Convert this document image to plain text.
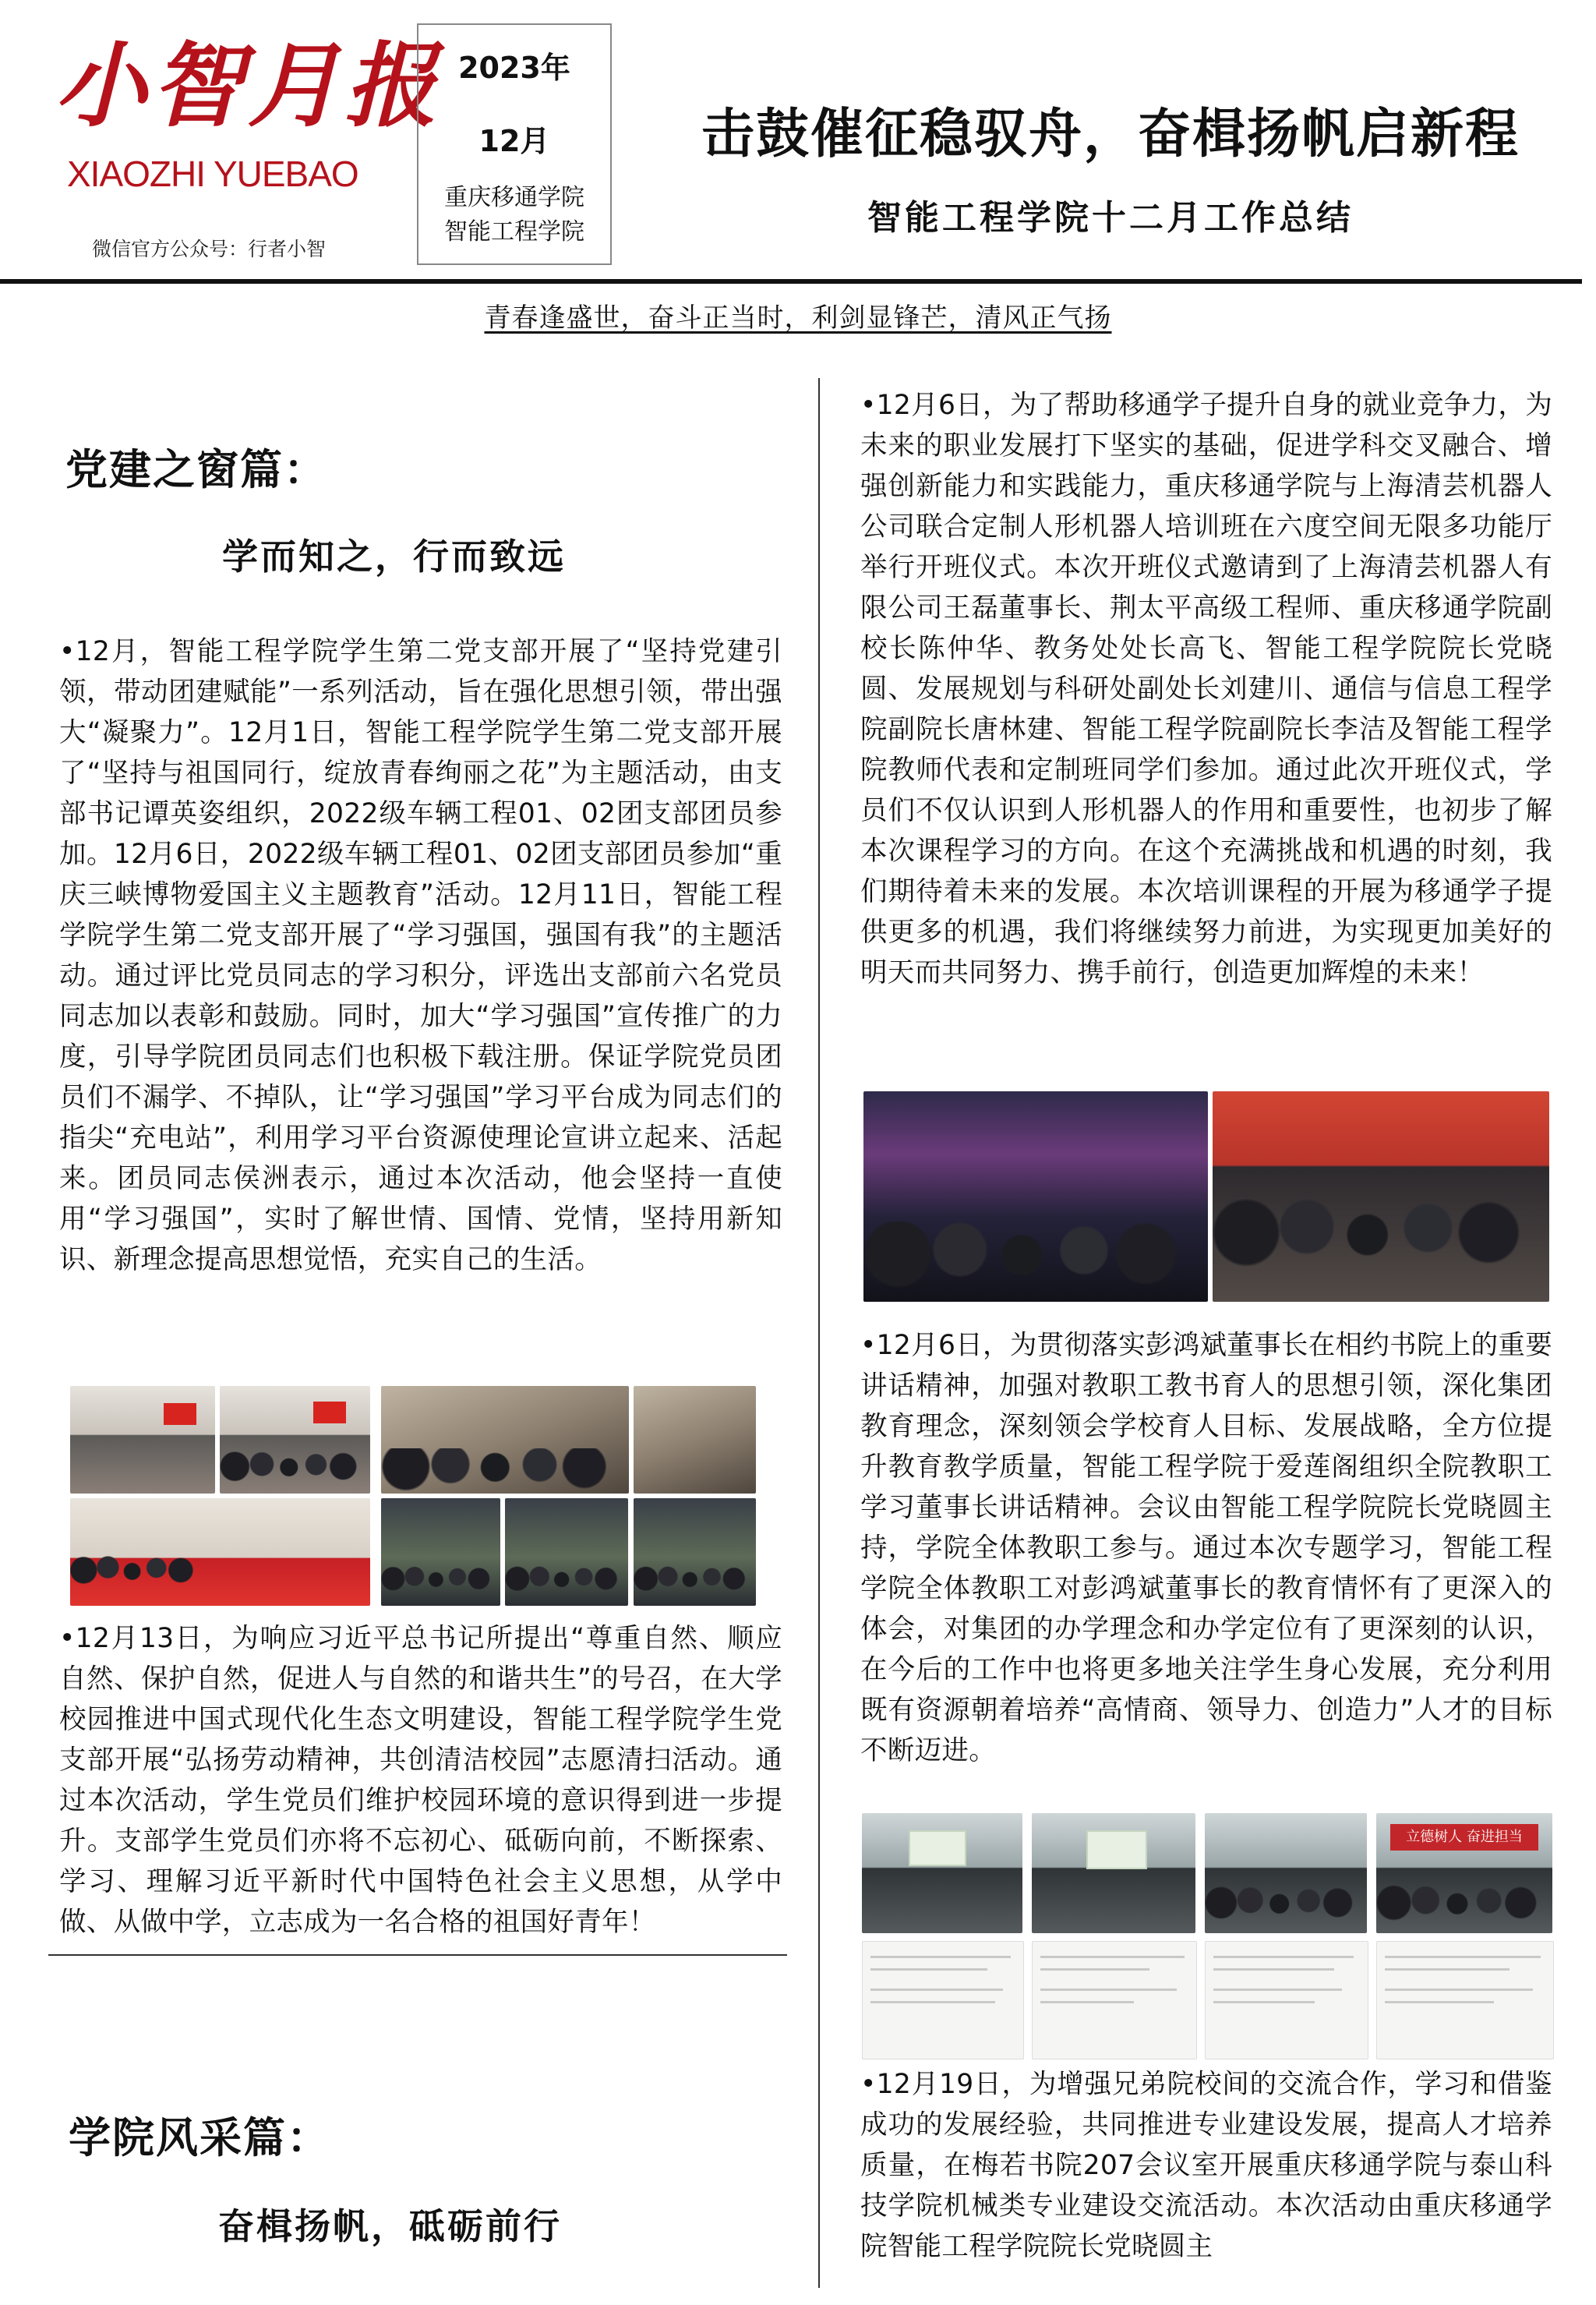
小智月报
XIAOZHI YUEBAO
微信官方公众号：行者小智
2023年
12月
重庆移通学院
智能工程学院
击鼓催征稳驭舟，奋楫扬帆启新程
智能工程学院十二月工作总结
青春逢盛世，奋斗正当时，利剑显锋芒，清风正气扬
党建之窗篇：
学而知之，行而致远
•12月，智能工程学院学生第二党支部开展了“坚持党建引领，带动团建赋能”一系列活动，旨在强化思想引领，带出强大“凝聚力”。12月1日，智能工程学院学生第二党支部开展了“坚持与祖国同行，绽放青春绚丽之花”为主题活动，由支部书记谭英姿组织，2022级车辆工程01、02团支部团员参加。12月6日，2022级车辆工程01、02团支部团员参加“重庆三峡博物爱国主义主题教育”活动。12月11日，智能工程学院学生第二党支部开展了“学习强国，强国有我”的主题活动。通过评比党员同志的学习积分，评选出支部前六名党员同志加以表彰和鼓励。同时，加大“学习强国”宣传推广的力度，引导学院团员同志们也积极下载注册。保证学院党员团员们不漏学、不掉队，让“学习强国”学习平台成为同志们的指尖“充电站”，利用学习平台资源使理论宣讲立起来、活起来。团员同志侯洲表示，通过本次活动，他会坚持一直使用“学习强国”，实时了解世情、国情、党情，坚持用新知识、新理念提高思想觉悟，充实自己的生活。
•12月13日，为响应习近平总书记所提出“尊重自然、顺应自然、保护自然，促进人与自然的和谐共生”的号召，在大学校园推进中国式现代化生态文明建设，智能工程学院学生党支部开展“弘扬劳动精神，共创清洁校园”志愿清扫活动。通过本次活动，学生党员们维护校园环境的意识得到进一步提升。支部学生党员们亦将不忘初心、砥砺向前，不断探索、学习、理解习近平新时代中国特色社会主义思想，从学中做、从做中学，立志成为一名合格的祖国好青年！
学院风采篇：
奋楫扬帆，砥砺前行
•12月6日，为了帮助移通学子提升自身的就业竞争力，为未来的职业发展打下坚实的基础，促进学科交叉融合、增强创新能力和实践能力，重庆移通学院与上海清芸机器人公司联合定制人形机器人培训班在六度空间无限多功能厅举行开班仪式。本次开班仪式邀请到了上海清芸机器人有限公司王磊董事长、荆太平高级工程师、重庆移通学院副校长陈仲华、教务处处长高飞、智能工程学院院长党晓圆、发展规划与科研处副处长刘建川、通信与信息工程学院副院长唐林建、智能工程学院副院长李洁及智能工程学院教师代表和定制班同学们参加。通过此次开班仪式，学员们不仅认识到人形机器人的作用和重要性，也初步了解本次课程学习的方向。在这个充满挑战和机遇的时刻，我们期待着未来的发展。本次培训课程的开展为移通学子提供更多的机遇，我们将继续努力前进，为实现更加美好的明天而共同努力、携手前行，创造更加辉煌的未来！
•12月6日，为贯彻落实彭鸿斌董事长在相约书院上的重要讲话精神，加强对教职工教书育人的思想引领，深化集团教育理念，深刻领会学校育人目标、发展战略，全方位提升教育教学质量，智能工程学院于爱莲阁组织全院教职工学习董事长讲话精神。会议由智能工程学院院长党晓圆主持，学院全体教职工参与。通过本次专题学习，智能工程学院全体教职工对彭鸿斌董事长的教育情怀有了更深入的体会，对集团的办学理念和办学定位有了更深刻的认识，在今后的工作中也将更多地关注学生身心发展，充分利用既有资源朝着培养“高情商、领导力、创造力”人才的目标不断迈进。
立德树人 奋进担当
•12月19日，为增强兄弟院校间的交流合作，学习和借鉴成功的发展经验，共同推进专业建设发展，提高人才培养质量，在梅若书院207会议室开展重庆移通学院与泰山科技学院机械类专业建设交流活动。本次活动由重庆移通学院智能工程学院院长党晓圆主
